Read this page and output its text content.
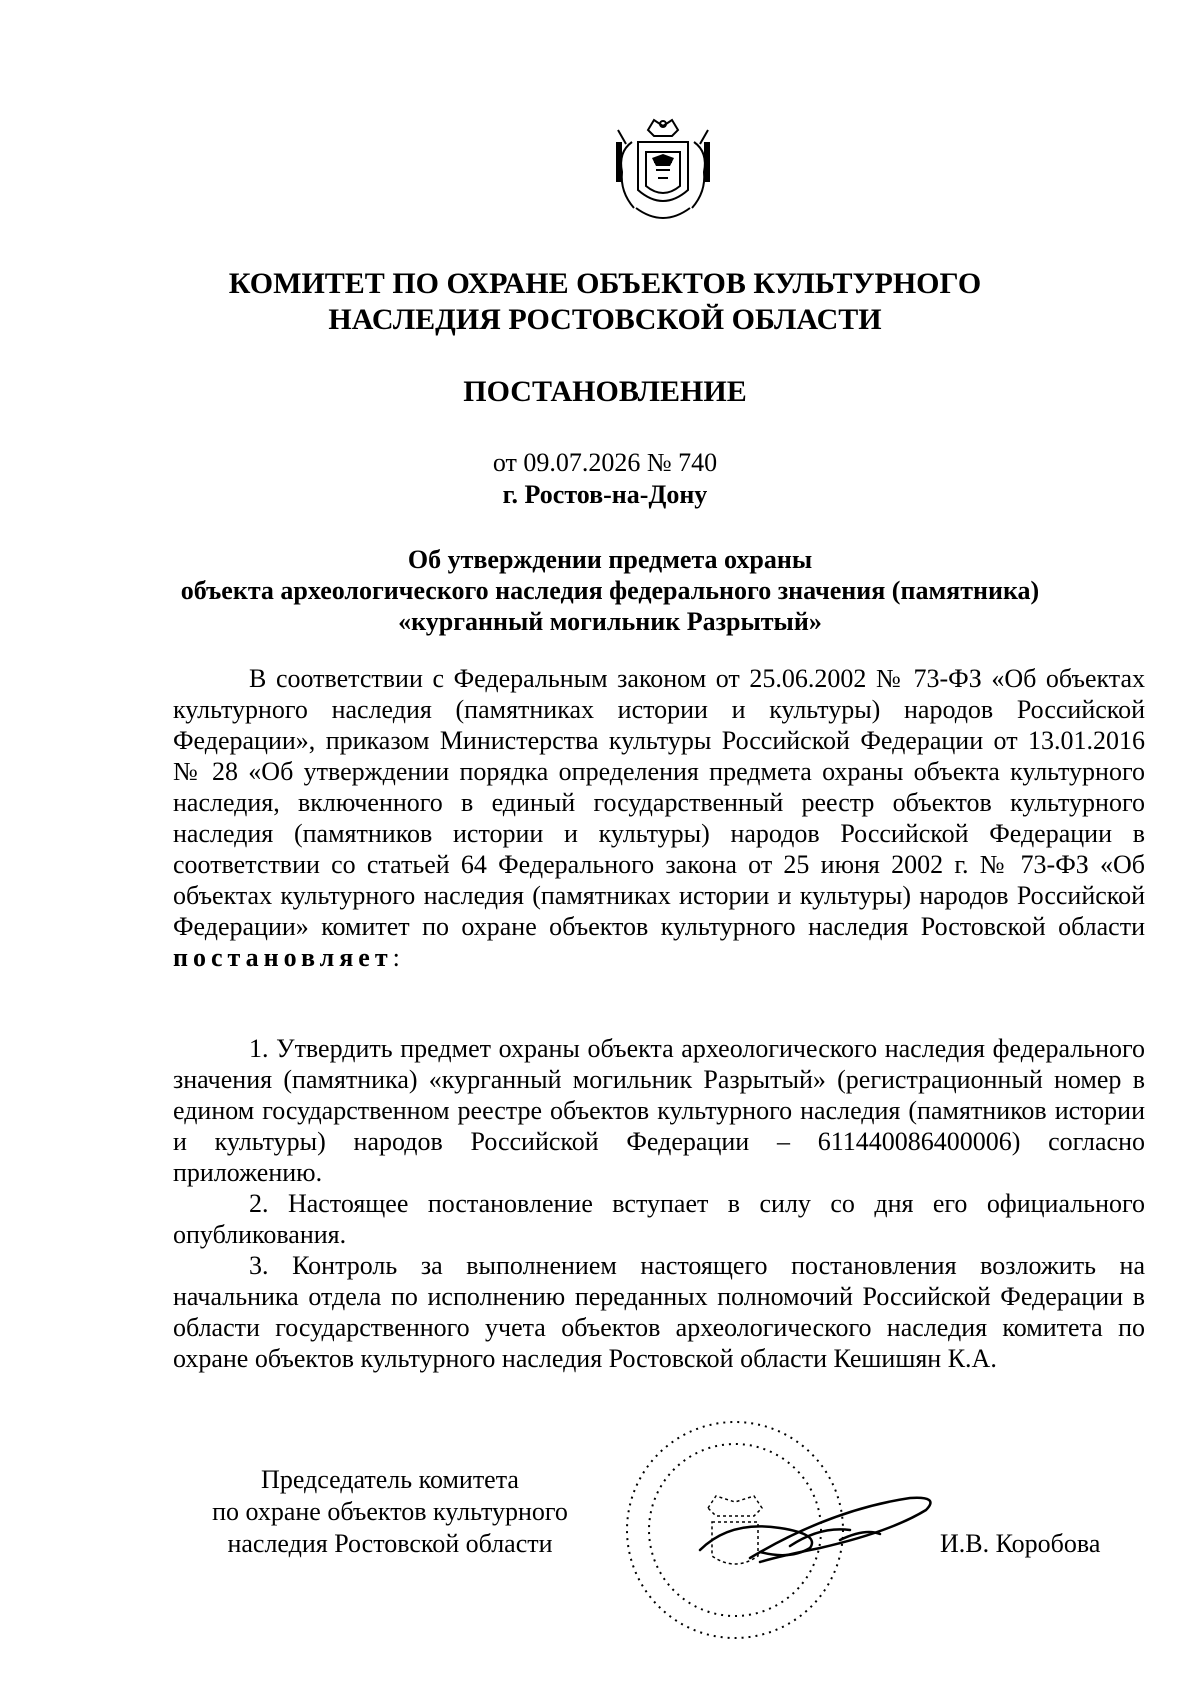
КОМИТЕТ ПО ОХРАНЕ ОБЪЕКТОВ КУЛЬТУРНОГО
НАСЛЕДИЯ РОСТОВСКОЙ ОБЛАСТИ
ПОСТАНОВЛЕНИЕ
от 09.07.2026 № 740
г. Ростов-на-Дону
Об утверждении предмета охраны
объекта археологического наследия федерального значения (памятника)
«курганный могильник Разрытый»

В соответствии с Федеральным законом от 25.06.2002 № 73-ФЗ «Об объектах культурного наследия (памятниках истории и культуры) народов Российской Федерации», приказом Министерства культуры Российской Федерации от 13.01.2016 № 28 «Об утверждении порядка определения предмета охраны объекта культурного наследия, включенного в единый государственный реестр объектов культурного наследия (памятников истории и культуры) народов Российской Федерации в соответствии со статьей 64 Федерального закона от 25 июня 2002 г. № 73-ФЗ «Об объектах культурного наследия (памятниках истории и культуры) народов Российской Федерации» комитет по охране объектов культурного наследия Ростовской области постановляет:

1. Утвердить предмет охраны объекта археологического наследия федерального значения (памятника) «курганный могильник Разрытый» (регистрационный номер в едином государственном реестре объектов культурного наследия (памятников истории и культуры) народов Российской Федерации – 611440086400006) согласно приложению.

2. Настоящее постановление вступает в силу со дня его официального опубликования.

3. Контроль за выполнением настоящего постановления возложить на начальника отдела по исполнению переданных полномочий Российской Федерации в области государственного учета объектов археологического наследия комитета по охране объектов культурного наследия Ростовской области Кешишян К.А.

Председатель комитета
по охране объектов культурного
наследия Ростовской области	И.В. Коробова
